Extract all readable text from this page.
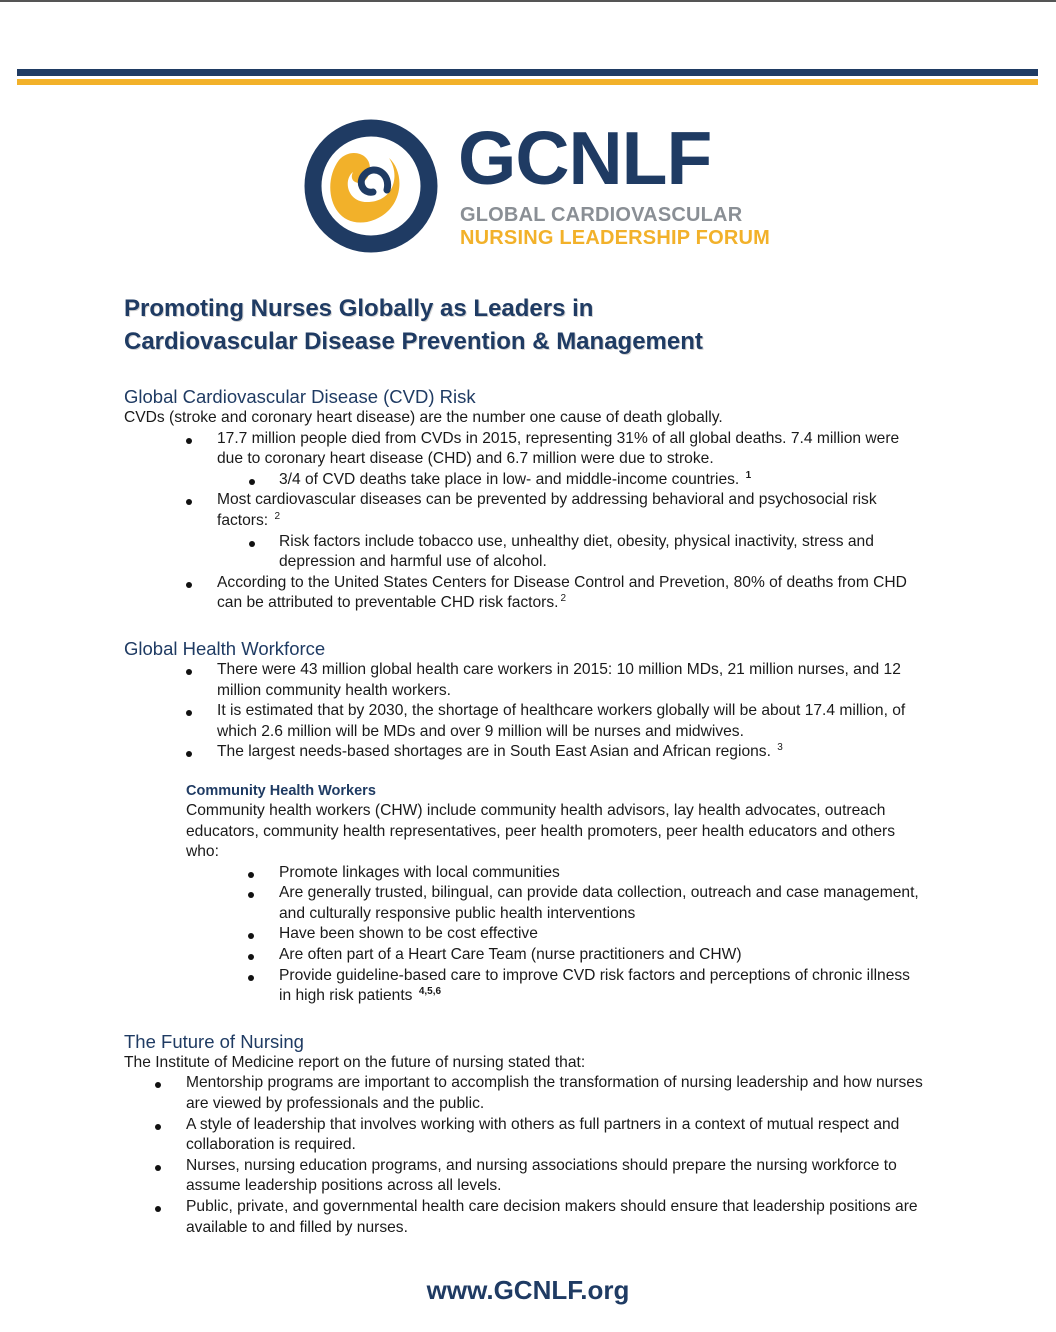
GCNLF
GLOBAL CARDIOVASCULAR
NURSING LEADERSHIP FORUM
Promoting Nurses Globally as Leaders in
Cardiovascular Disease Prevention & Management
Global Cardiovascular Disease (CVD) Risk

CVDs (stroke and coronary heart disease) are the number one cause of death globally.

17.7 million people died from CVDs in 2015, representing 31% of all global deaths. 7.4 million were due to coronary heart disease (CHD) and 6.7 million were due to stroke.
3/4 of CVD deaths take place in low- and middle-income countries. $^1$
Most cardiovascular diseases can be prevented by addressing behavioral and psychosocial risk factors: $^2$
Risk factors include tobacco use, unhealthy diet, obesity, physical inactivity, stress and depression and harmful use of alcohol.
According to the United States Centers for Disease Control and Prevetion, 80% of deaths from CHD can be attributed to preventable CHD risk factors. $^2$
Global Health Workforce
There were 43 million global health care workers in 2015: 10 million MDs, 21 million nurses, and 12 million community health workers.
It is estimated that by 2030, the shortage of healthcare workers globally will be about 17.4 million, of which 2.6 million will be MDs and over 9 million will be nurses and midwives.
The largest needs-based shortages are in South East Asian and African regions. $^3$
Community Health Workers

Community health workers (CHW) include community health advisors, lay health advocates, outreach educators, community health representatives, peer health promoters, peer health educators and others who:

Promote linkages with local communities
Are generally trusted, bilingual, can provide data collection, outreach and case management, and culturally responsive public health interventions
Have been shown to be cost effective
Are often part of a Heart Care Team (nurse practitioners and CHW)
Provide guideline-based care to improve CVD risk factors and perceptions of chronic illness in high risk patients $^{4,5,6}$
The Future of Nursing

The Institute of Medicine report on the future of nursing stated that:

Mentorship programs are important to accomplish the transformation of nursing leadership and how nurses are viewed by professionals and the public.
A style of leadership that involves working with others as full partners in a context of mutual respect and collaboration is required.
Nurses, nursing education programs, and nursing associations should prepare the nursing workforce to assume leadership positions across all levels.
Public, private, and governmental health care decision makers should ensure that leadership positions are available to and filled by nurses.
www.GCNLF.org
